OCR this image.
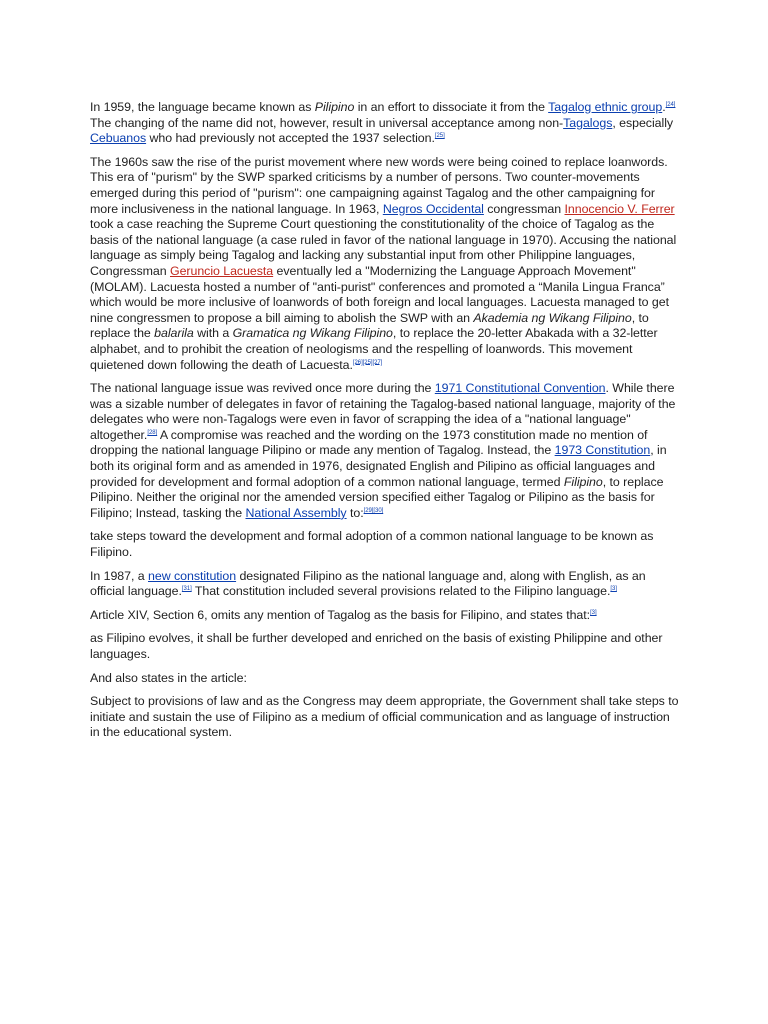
In 1959, the language became known as Pilipino in an effort to dissociate it from the Tagalog ethnic group.[24] The changing of the name did not, however, result in universal acceptance among non-Tagalogs, especially Cebuanos who had previously not accepted the 1937 selection.[25]

The 1960s saw the rise of the purist movement where new words were being coined to replace loanwords. This era of "purism" by the SWP sparked criticisms by a number of persons. Two counter-movements emerged during this period of "purism": one campaigning against Tagalog and the other campaigning for more inclusiveness in the national language. In 1963, Negros Occidental congressman Innocencio V. Ferrer took a case reaching the Supreme Court questioning the constitutionality of the choice of Tagalog as the basis of the national language (a case ruled in favor of the national language in 1970). Accusing the national language as simply being Tagalog and lacking any substantial input from other Philippine languages, Congressman Geruncio Lacuesta eventually led a "Modernizing the Language Approach Movement" (MOLAM). Lacuesta hosted a number of "anti-purist" conferences and promoted a “Manila Lingua Franca” which would be more inclusive of loanwords of both foreign and local languages. Lacuesta managed to get nine congressmen to propose a bill aiming to abolish the SWP with an Akademia ng Wikang Filipino, to replace the balarila with a Gramatica ng Wikang Filipino, to replace the 20-letter Abakada with a 32-letter alphabet, and to prohibit the creation of neologisms and the respelling of loanwords. This movement quietened down following the death of Lacuesta.[26][25][27]

The national language issue was revived once more during the 1971 Constitutional Convention. While there was a sizable number of delegates in favor of retaining the Tagalog-based national language, majority of the delegates who were non-Tagalogs were even in favor of scrapping the idea of a "national language" altogether.[28] A compromise was reached and the wording on the 1973 constitution made no mention of dropping the national language Pilipino or made any mention of Tagalog. Instead, the 1973 Constitution, in both its original form and as amended in 1976, designated English and Pilipino as official languages and provided for development and formal adoption of a common national language, termed Filipino, to replace Pilipino. Neither the original nor the amended version specified either Tagalog or Pilipino as the basis for Filipino; Instead, tasking the National Assembly to:[29][30]

take steps toward the development and formal adoption of a common national language to be known as Filipino.

In 1987, a new constitution designated Filipino as the national language and, along with English, as an official language.[31] That constitution included several provisions related to the Filipino language.[3]

Article XIV, Section 6, omits any mention of Tagalog as the basis for Filipino, and states that:[3]

as Filipino evolves, it shall be further developed and enriched on the basis of existing Philippine and other languages.

And also states in the article:

Subject to provisions of law and as the Congress may deem appropriate, the Government shall take steps to initiate and sustain the use of Filipino as a medium of official communication and as language of instruction in the educational system.
